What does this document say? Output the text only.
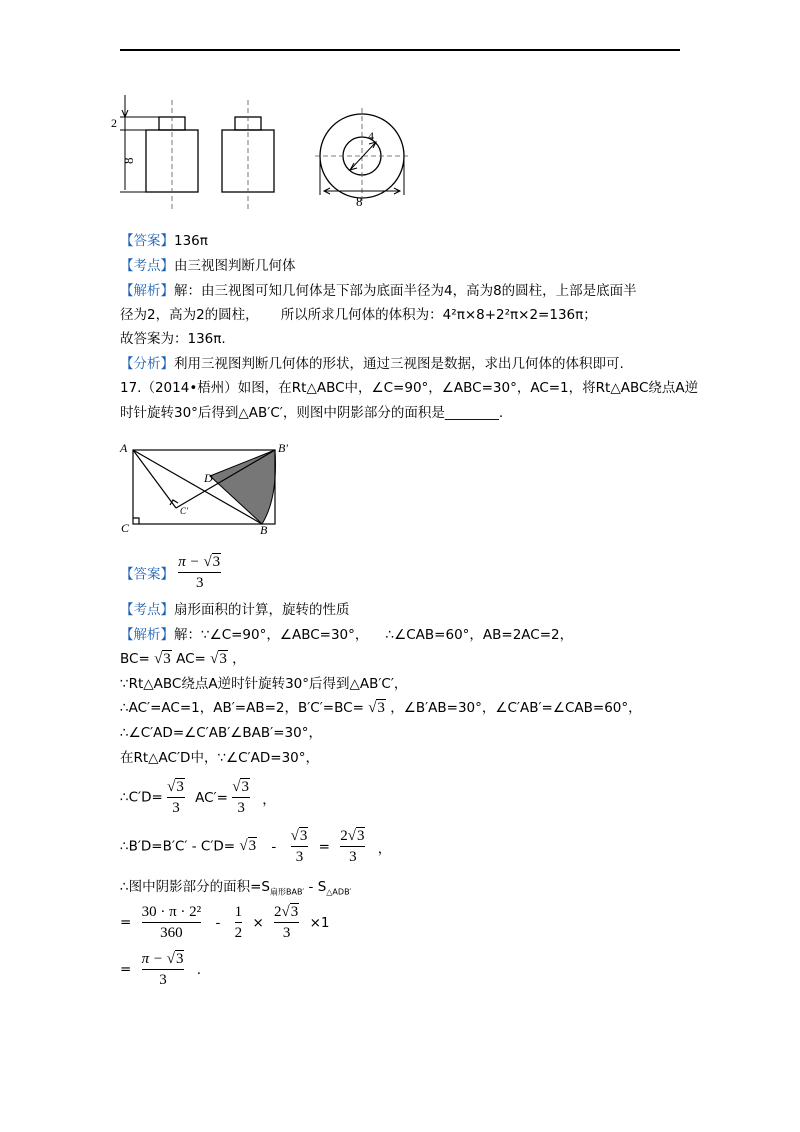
2
8
4
8
【答案】136π
【考点】由三视图判断几何体
【解析】解：由三视图可知几何体是下部为底面半径为4，高为8的圆柱，上部是底面半
径为2，高为2的圆柱， 所以所求几何体的体积为：4²π×8+2²π×2=136π；
故答案为：136π.
【分析】利用三视图判断几何体的形状，通过三视图是数据，求出几何体的体积即可.
17.（2014•梧州）如图，在Rt△ABC中，∠C=90°，∠ABC=30°，AC=1，将Rt△ABC绕点A逆
时针旋转30°后得到△AB′C′，则图中阴影部分的面积是________.
A	B′
D
C′
C	B
【答案】 $\frac{\pi - √3}{3}$
【考点】扇形面积的计算，旋转的性质
【解析】解：∵∠C=90°，∠ABC=30°，    ∴∠CAB=60°，AB=2AC=2，
BC= √3 AC= √3 ，
∵Rt△ABC绕点A逆时针旋转30°后得到△AB′C′，
∴AC′=AC=1，AB′=AB=2，B′C′=BC= √3 ，∠B′AB=30°，∠C′AB′=∠CAB=60°，
∴∠C′AD=∠C′AB′∠BAB′=30°，
在Rt△AC′D中，∵∠C′AD=30°，
∴C′D= $\frac{√3}{3} AC'= \frac{√3}{3}$ ，
∴B′D=B′C′ - $C'D= √3 - \frac{√3}{3} = \frac{2√3}{3}$ ，
∴图中阴影部分的面积$=S_{扇形BAB'} - S_{\triangle ADB'}$
= $\frac{\text{30 · π · 2²}}{360} - \frac{1}{2} \times \frac{2√3}{3} \times 1$
= $\frac{\pi - √3}{3}$ .
